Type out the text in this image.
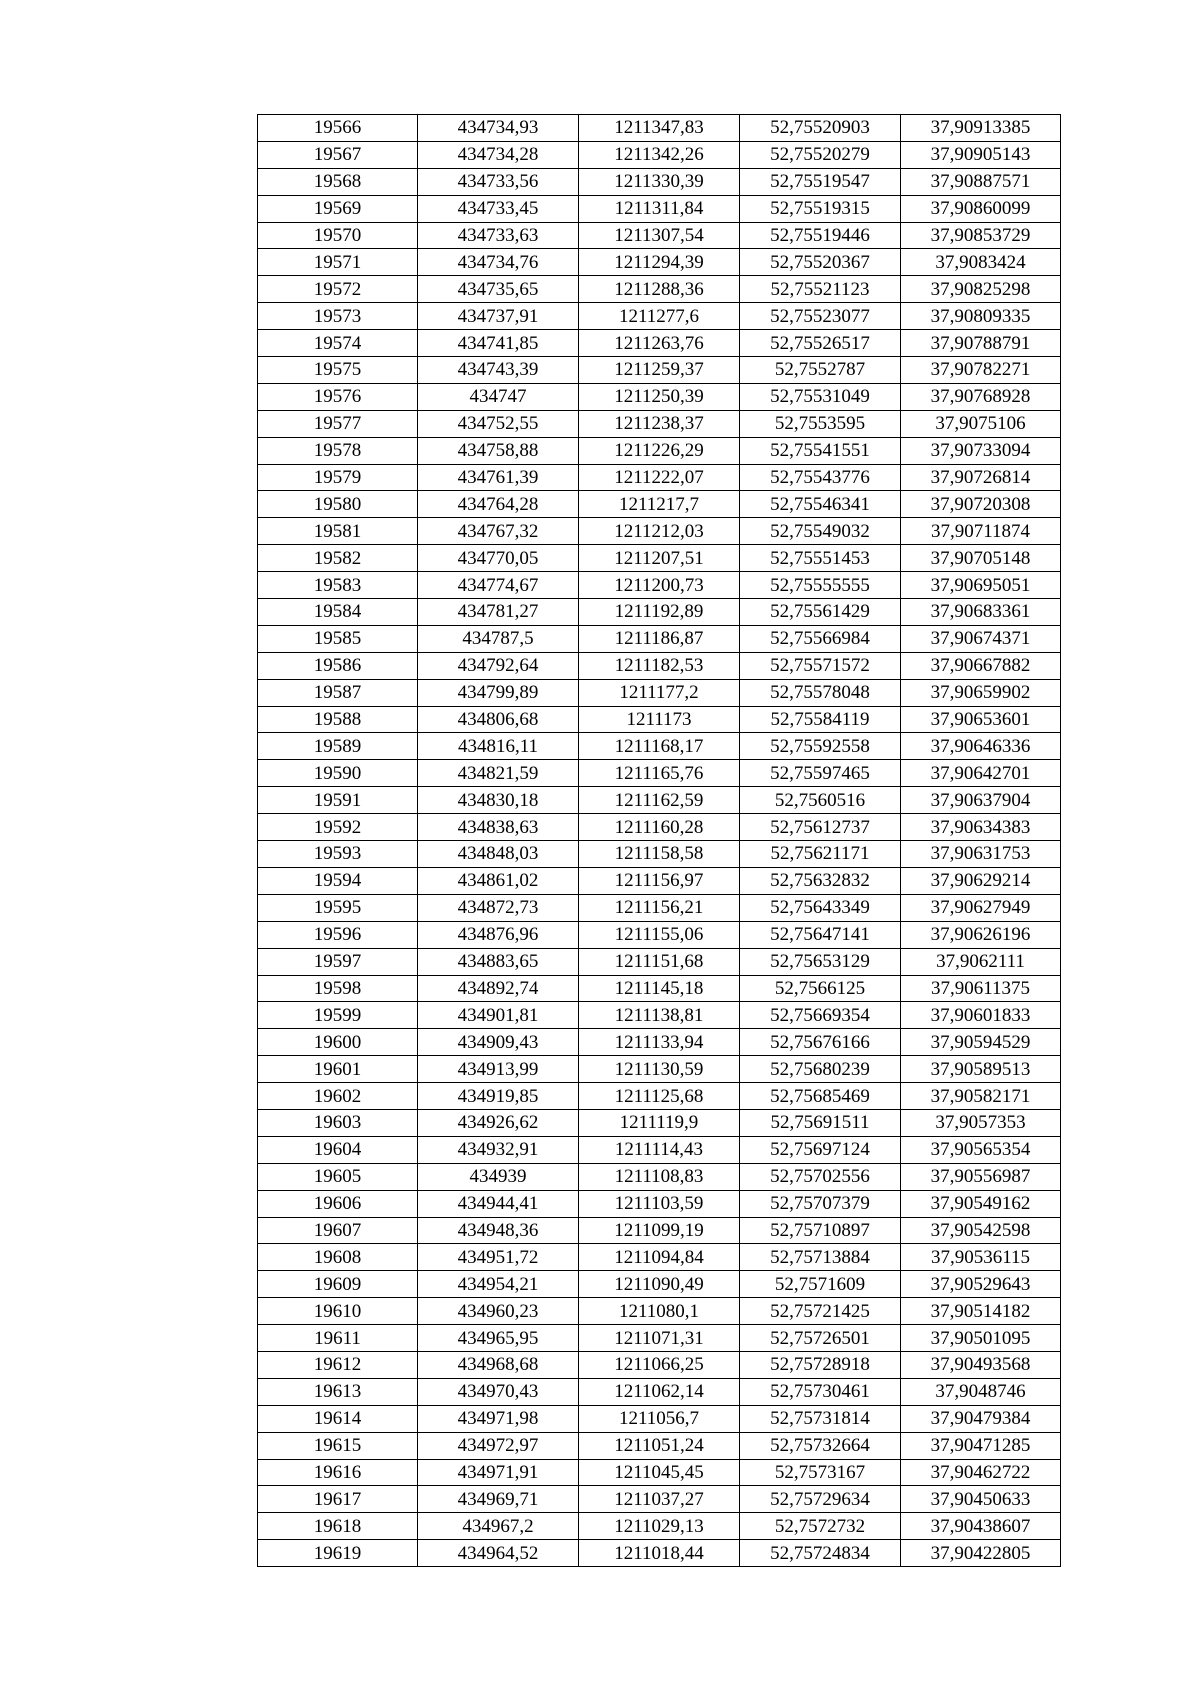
19566	434734,93	1211347,83	52,75520903	37,90913385
19567	434734,28	1211342,26	52,75520279	37,90905143
19568	434733,56	1211330,39	52,75519547	37,90887571
19569	434733,45	1211311,84	52,75519315	37,90860099
19570	434733,63	1211307,54	52,75519446	37,90853729
19571	434734,76	1211294,39	52,75520367	37,9083424
19572	434735,65	1211288,36	52,75521123	37,90825298
19573	434737,91	1211277,6	52,75523077	37,90809335
19574	434741,85	1211263,76	52,75526517	37,90788791
19575	434743,39	1211259,37	52,7552787	37,90782271
19576	434747	1211250,39	52,75531049	37,90768928
19577	434752,55	1211238,37	52,7553595	37,9075106
19578	434758,88	1211226,29	52,75541551	37,90733094
19579	434761,39	1211222,07	52,75543776	37,90726814
19580	434764,28	1211217,7	52,75546341	37,90720308
19581	434767,32	1211212,03	52,75549032	37,90711874
19582	434770,05	1211207,51	52,75551453	37,90705148
19583	434774,67	1211200,73	52,75555555	37,90695051
19584	434781,27	1211192,89	52,75561429	37,90683361
19585	434787,5	1211186,87	52,75566984	37,90674371
19586	434792,64	1211182,53	52,75571572	37,90667882
19587	434799,89	1211177,2	52,75578048	37,90659902
19588	434806,68	1211173	52,75584119	37,90653601
19589	434816,11	1211168,17	52,75592558	37,90646336
19590	434821,59	1211165,76	52,75597465	37,90642701
19591	434830,18	1211162,59	52,7560516	37,90637904
19592	434838,63	1211160,28	52,75612737	37,90634383
19593	434848,03	1211158,58	52,75621171	37,90631753
19594	434861,02	1211156,97	52,75632832	37,90629214
19595	434872,73	1211156,21	52,75643349	37,90627949
19596	434876,96	1211155,06	52,75647141	37,90626196
19597	434883,65	1211151,68	52,75653129	37,9062111
19598	434892,74	1211145,18	52,7566125	37,90611375
19599	434901,81	1211138,81	52,75669354	37,90601833
19600	434909,43	1211133,94	52,75676166	37,90594529
19601	434913,99	1211130,59	52,75680239	37,90589513
19602	434919,85	1211125,68	52,75685469	37,90582171
19603	434926,62	1211119,9	52,75691511	37,9057353
19604	434932,91	1211114,43	52,75697124	37,90565354
19605	434939	1211108,83	52,75702556	37,90556987
19606	434944,41	1211103,59	52,75707379	37,90549162
19607	434948,36	1211099,19	52,75710897	37,90542598
19608	434951,72	1211094,84	52,75713884	37,90536115
19609	434954,21	1211090,49	52,7571609	37,90529643
19610	434960,23	1211080,1	52,75721425	37,90514182
19611	434965,95	1211071,31	52,75726501	37,90501095
19612	434968,68	1211066,25	52,75728918	37,90493568
19613	434970,43	1211062,14	52,75730461	37,9048746
19614	434971,98	1211056,7	52,75731814	37,90479384
19615	434972,97	1211051,24	52,75732664	37,90471285
19616	434971,91	1211045,45	52,7573167	37,90462722
19617	434969,71	1211037,27	52,75729634	37,90450633
19618	434967,2	1211029,13	52,7572732	37,90438607
19619	434964,52	1211018,44	52,75724834	37,90422805
